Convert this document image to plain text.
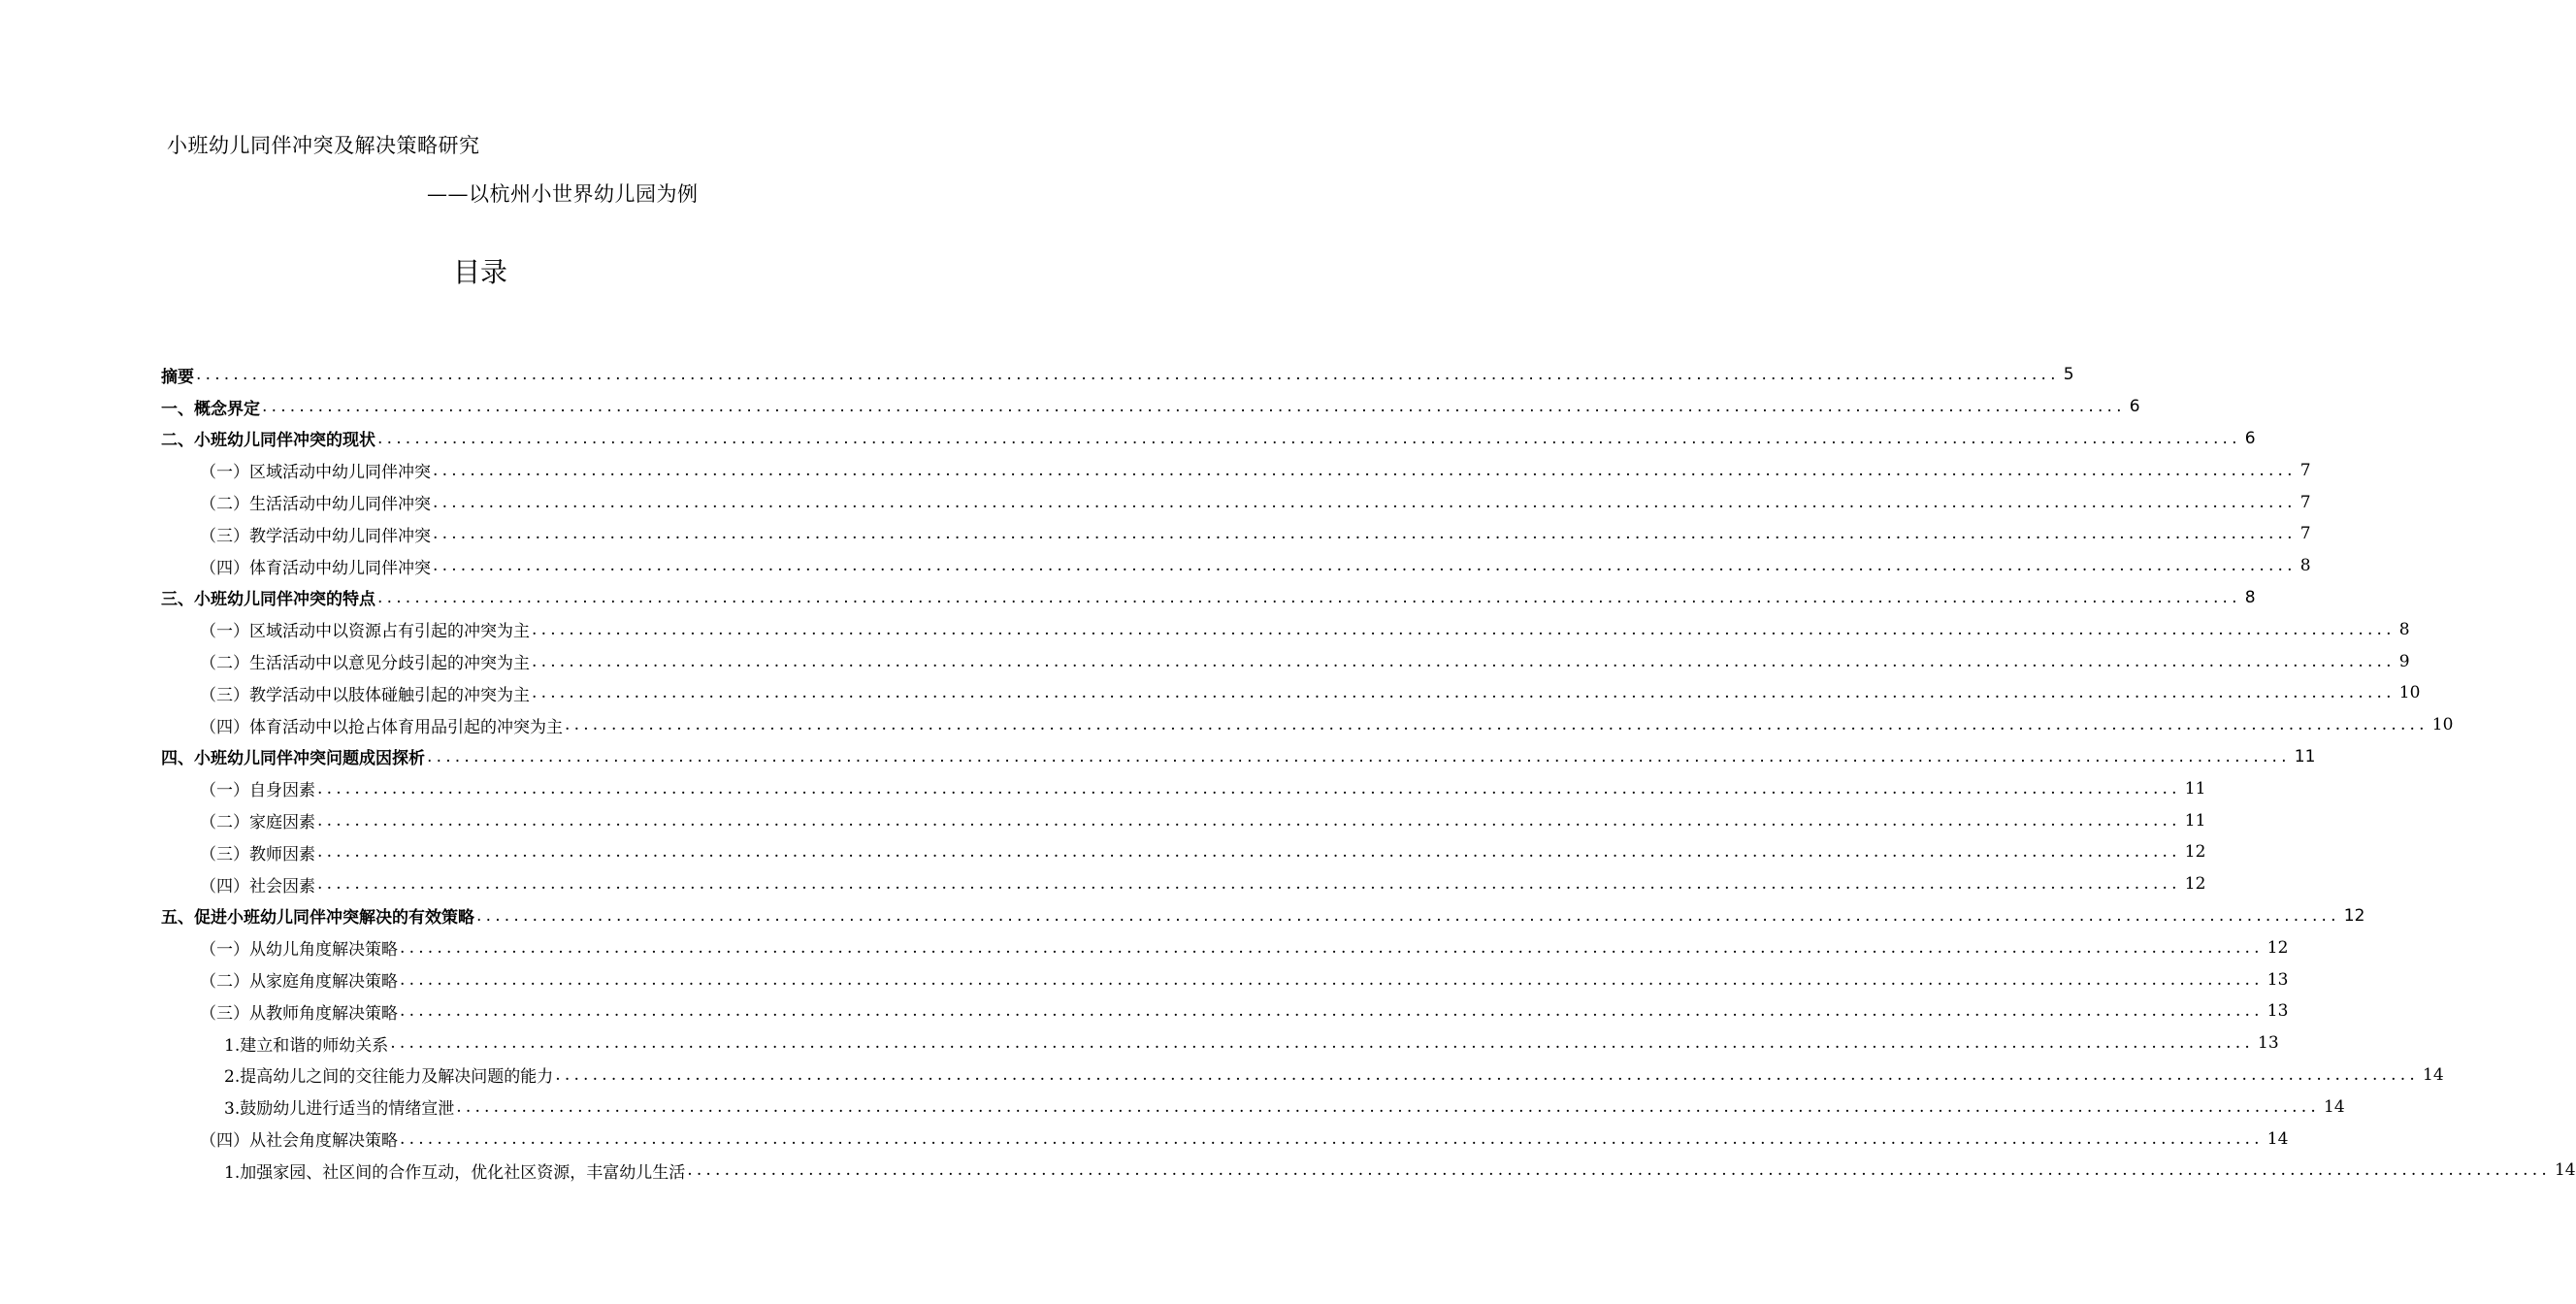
小班幼儿同伴冲突及解决策略研究
——以杭州小世界幼儿园为例
目录
摘要 ........................................................................................................................................................................................................ 5
一、概念界定 ........................................................................................................................................................................................................ 6
二、小班幼儿同伴冲突的现状 ........................................................................................................................................................................................................ 6
（一）区域活动中幼儿同伴冲突 ........................................................................................................................................................................................................ 7
（二）生活活动中幼儿同伴冲突 ........................................................................................................................................................................................................ 7
（三）教学活动中幼儿同伴冲突 ........................................................................................................................................................................................................ 7
（四）体育活动中幼儿同伴冲突 ........................................................................................................................................................................................................ 8
三、小班幼儿同伴冲突的特点 ........................................................................................................................................................................................................ 8
（一）区域活动中以资源占有引起的冲突为主 ........................................................................................................................................................................................................ 8
（二）生活活动中以意见分歧引起的冲突为主 ........................................................................................................................................................................................................ 9
（三）教学活动中以肢体碰触引起的冲突为主 ........................................................................................................................................................................................................ 10
（四）体育活动中以抢占体育用品引起的冲突为主 ........................................................................................................................................................................................................ 10
四、小班幼儿同伴冲突问题成因探析 ........................................................................................................................................................................................................ 11
（一）自身因素 ........................................................................................................................................................................................................ 11
（二）家庭因素 ........................................................................................................................................................................................................ 11
（三）教师因素 ........................................................................................................................................................................................................ 12
（四）社会因素 ........................................................................................................................................................................................................ 12
五、促进小班幼儿同伴冲突解决的有效策略 ........................................................................................................................................................................................................ 12
（一）从幼儿角度解决策略 ........................................................................................................................................................................................................ 12
（二）从家庭角度解决策略 ........................................................................................................................................................................................................ 13
（三）从教师角度解决策略 ........................................................................................................................................................................................................ 13
1.建立和谐的师幼关系 ........................................................................................................................................................................................................ 13
2.提高幼儿之间的交往能力及解决问题的能力 ........................................................................................................................................................................................................ 14
3.鼓励幼儿进行适当的情绪宣泄 ........................................................................................................................................................................................................ 14
（四）从社会角度解决策略 ........................................................................................................................................................................................................ 14
1.加强家园、社区间的合作互动，优化社区资源，丰富幼儿生活 ........................................................................................................................................................................................................ 14
